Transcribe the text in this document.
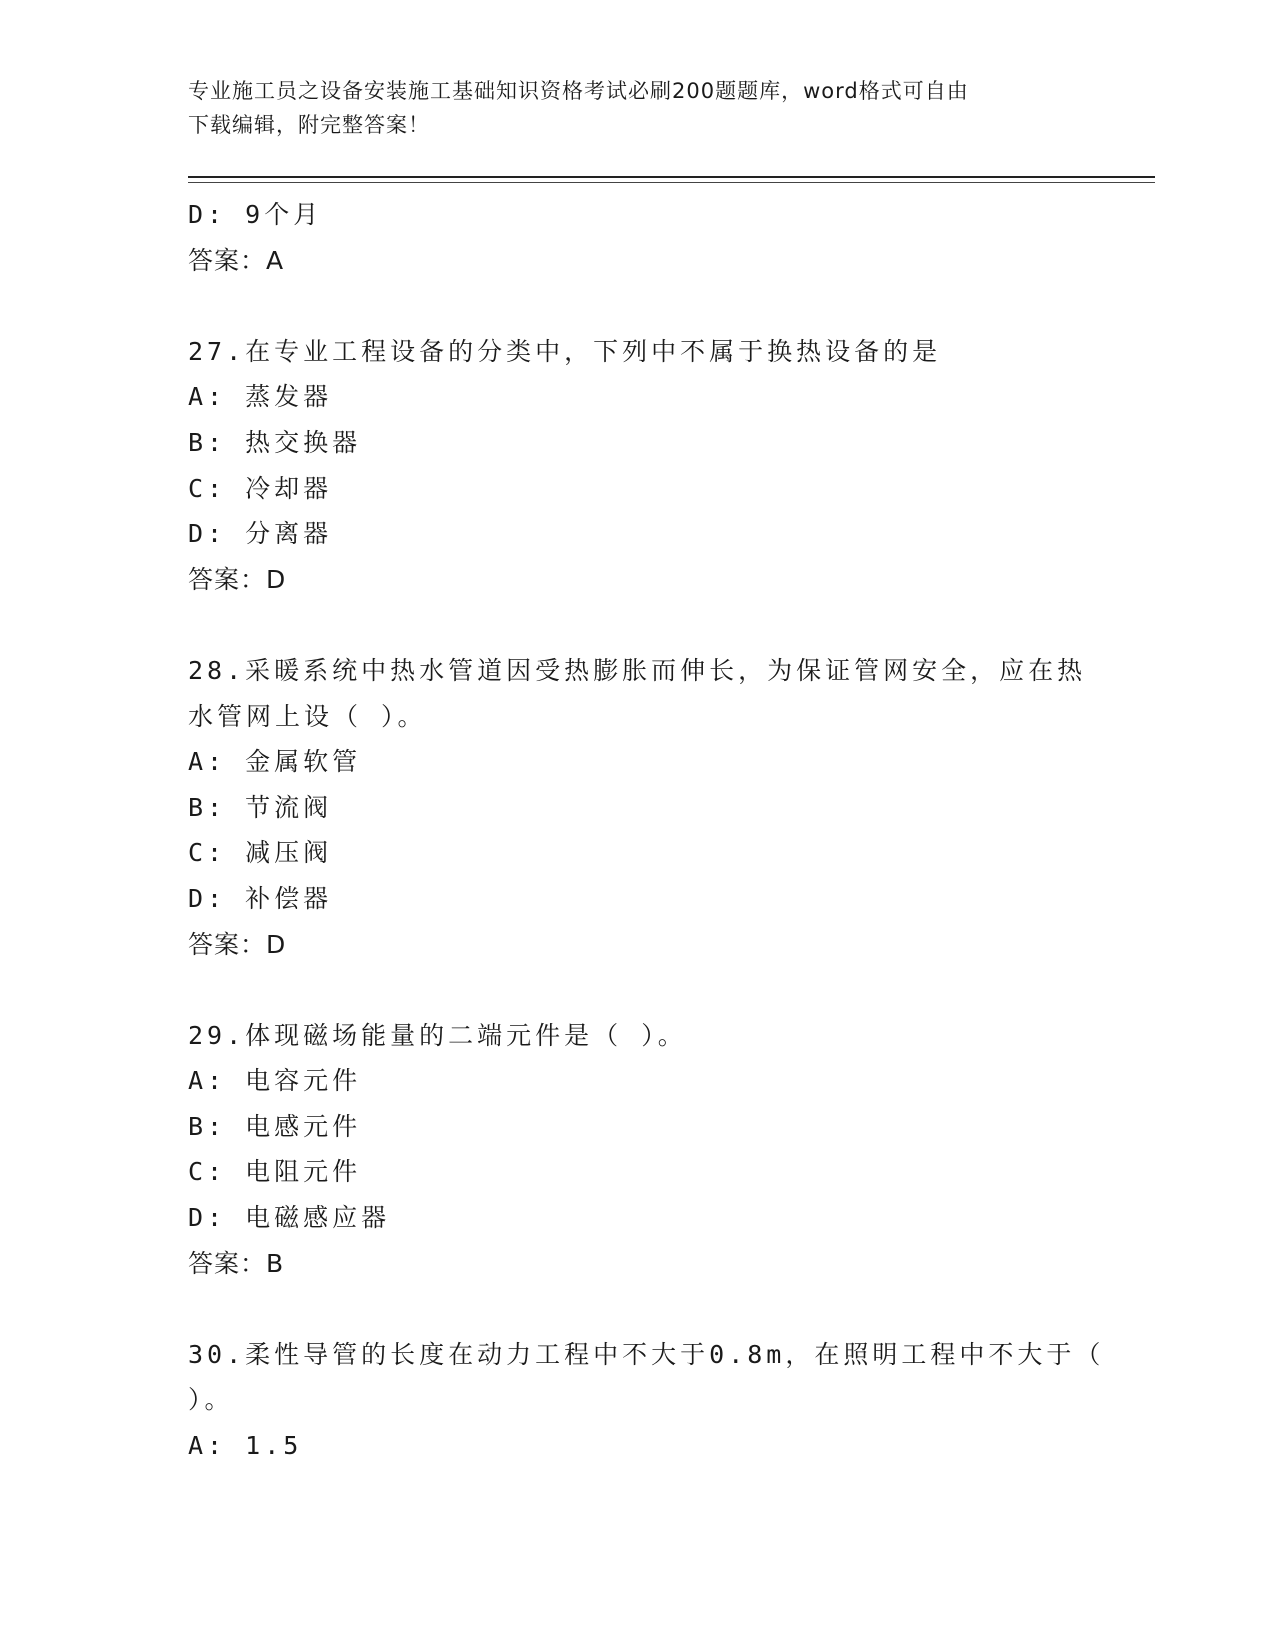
专业施工员之设备安装施工基础知识资格考试必刷200题题库，word格式可自由
下载编辑，附完整答案！
D: 9个月
答案：A
27.在专业工程设备的分类中，下列中不属于换热设备的是
A: 蒸发器
B: 热交换器
C: 冷却器
D: 分离器
答案：D
28.采暖系统中热水管道因受热膨胀而伸长，为保证管网安全，应在热
水管网上设（ ）。
A: 金属软管
B: 节流阀
C: 减压阀
D: 补偿器
答案：D
29.体现磁场能量的二端元件是（ ）。
A: 电容元件
B: 电感元件
C: 电阻元件
D: 电磁感应器
答案：B
30.柔性导管的长度在动力工程中不大于0.8m，在照明工程中不大于（
）。
A: 1.5
